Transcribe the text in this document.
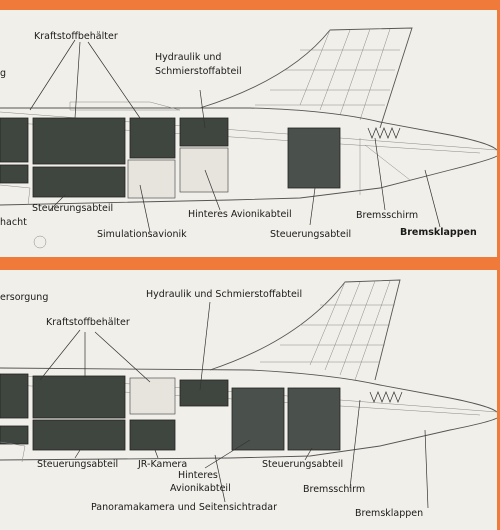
Kraftstoffbehälter
g
Hydraulik und
Schmierstoffabteil
hacht
Steuerungsabteil
Simulationsavionik
Hinteres Avionikabteil
Steuerungsabteil
Bremsschirm
Bremsklappen
ersorgung	Hydraulik und Schmierstoffabteil
Kraftstoffbehälter
Steuerungsabteil JR-Kamera
Hinteres
Avionikabteil
Steuerungsabteil
Bremsschirm
Panoramakamera und Seitensichtradar
Bremsklappen
